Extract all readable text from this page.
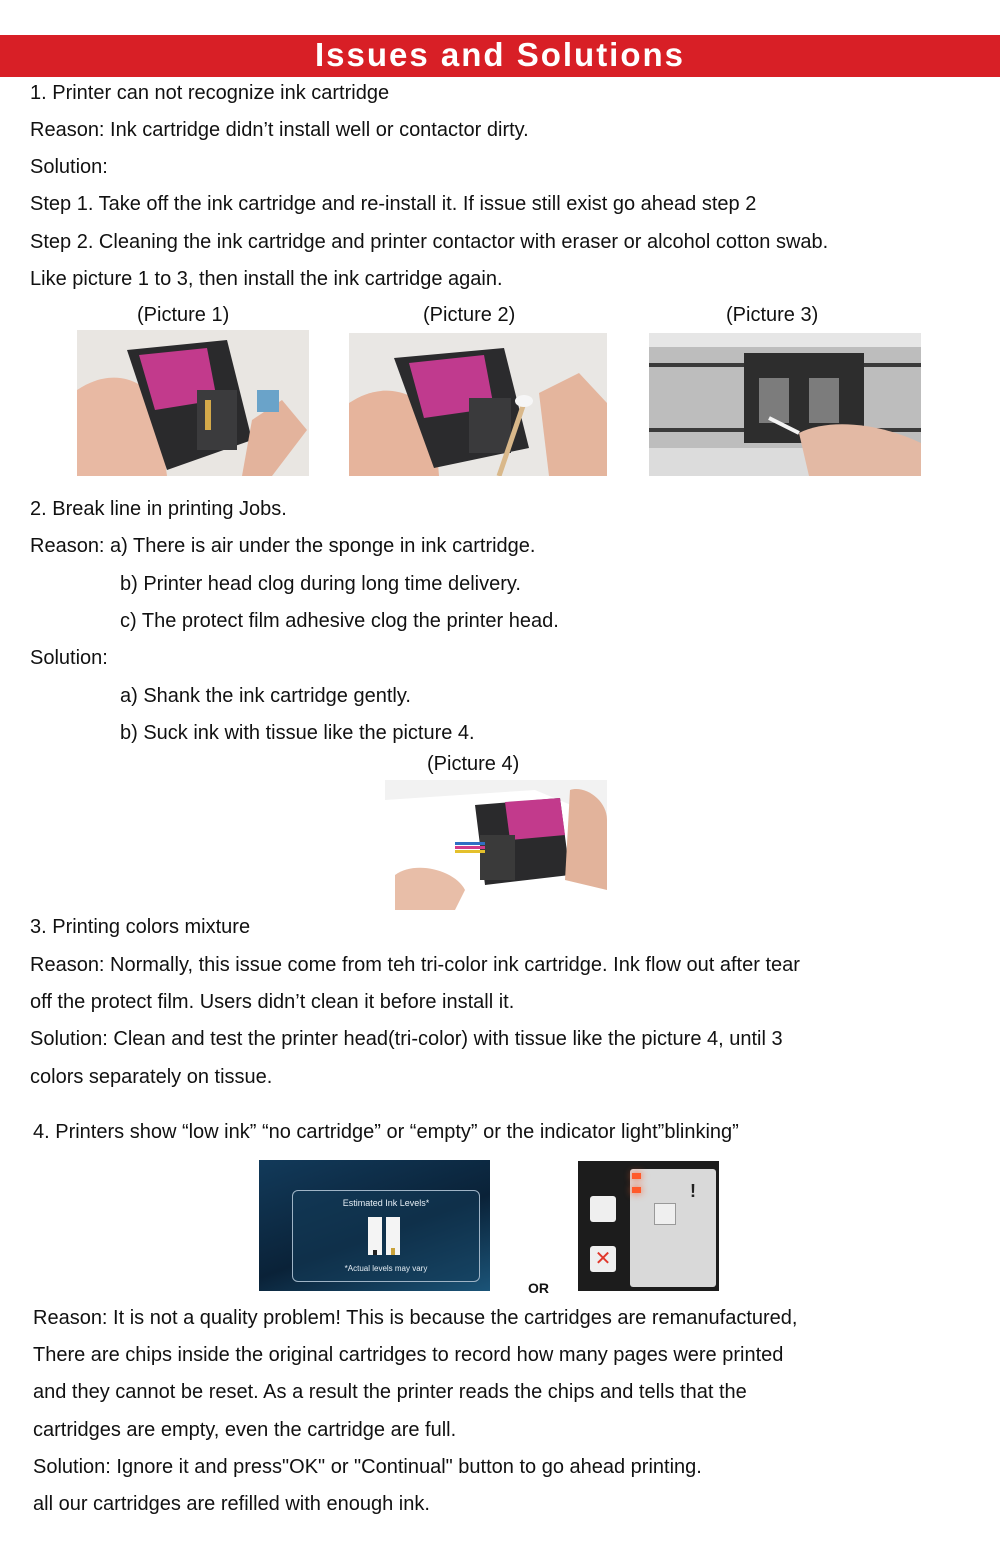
Issues and Solutions
1. Printer can not recognize ink cartridge
Reason: Ink cartridge didn’t install well or contactor dirty.
Solution:
Step 1. Take off the ink cartridge and re-install it. If issue still exist go ahead step 2
Step 2. Cleaning the ink cartridge and printer contactor with eraser or alcohol cotton swab.
Like picture 1 to 3, then install the ink cartridge again.
(Picture 1)	(Picture 2)	(Picture 3)
2. Break line in printing Jobs.
Reason: a) There is air under the sponge in ink cartridge.
b) Printer head clog during long time delivery.
c) The protect film adhesive clog the printer head.
Solution:
a) Shank the ink cartridge gently.
b) Suck ink with tissue like the picture 4.
(Picture 4)
3. Printing colors mixture
Reason: Normally, this issue come from teh tri-color ink cartridge. Ink flow out after tear
off the protect film. Users didn’t clean it before install it.
Solution: Clean and test the printer head(tri-color) with tissue like the picture 4, until 3
colors separately on tissue.
4. Printers show “low ink” “no cartridge” or “empty” or the indicator light”blinking”
Estimated Ink Levels*
*Actual levels may vary
!
✕
OR
Reason: It is not a quality problem! This is because the cartridges are remanufactured,
There are chips inside the original cartridges to record how many pages were printed
and they cannot be reset. As a result the printer reads the chips and tells that the
cartridges are empty, even the cartridge are full.
Solution: Ignore it and press"OK" or "Continual" button to go ahead printing.
all our cartridges are refilled with enough ink.
